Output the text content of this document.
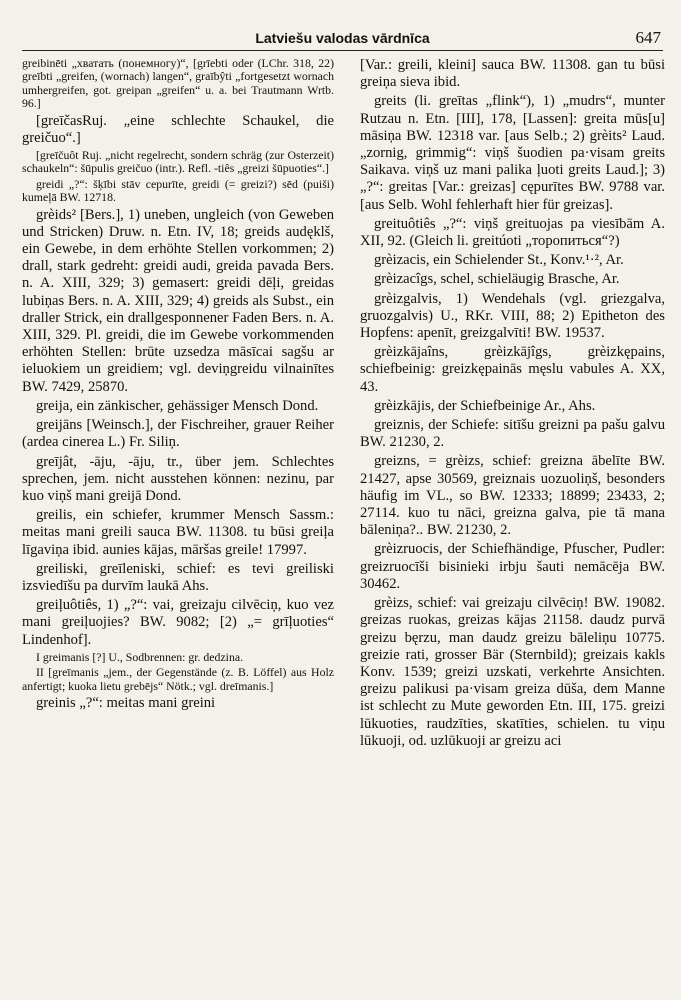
Latviešu valodas vārdnīca	647

greibinēti „хватать (понемногу)“, [grīebti oder (LChr. 318, 22) greībti „greifen, (wornach) langen“, graībŷti „fortgesetzt wornach umhergreifen, got. greipan „greifen“ u. a. bei Trautmann Wrtb. 96.]

[greīčasRuj. „eine schlechte Schaukel, die greičuo“.]

[greīčuôt Ruj. „nicht regelrecht, sondern schräg (zur Osterzeit) schaukeln“: šūpulis greičuo (intr.). Refl. -tiês „greizi šūpuoties“.]

greidi „?“: šķībi stāv cepurīte, greidi (= greizi?) sēd (puiši) kumeļā BW. 12718.

grèids² [Bers.], 1) uneben, ungleich (von Geweben und Stricken) Druw. n. Etn. IV, 18; greids audęklš, ein Gewebe, in dem erhöhte Stellen vorkommen; 2) drall, stark gedreht: greidi audi, greida pavada Bers. n. A. XIII, 329; 3) gemasert: greidi dēļi, greidas lubiņas Bers. n. A. XIII, 329; 4) greids als Subst., ein draller Strick, ein drallgesponnener Faden Bers. n. A. XIII, 329. Pl. greidi, die im Gewebe vorkommenden erhöhten Stellen: brūte uzsedza māsīcai sagšu ar ieluokiem un greidiem; vgl. deviņgreidu vilnainītes BW. 7429, 25870.

greija, ein zänkischer, gehässiger Mensch Dond.

greijāns [Weinsch.], der Fischreiher, grauer Reiher (ardea cinerea L.) Fr. Siliņ.

greījât, -āju, -āju, tr., über jem. Schlechtes sprechen, jem. nicht ausstehen können: nezinu, par kuo viņš mani greijā Dond.

greilis, ein schiefer, krummer Mensch Sassm.: meitas mani greili sauca BW. 11308. tu būsi greiļa līgaviņa ibid. aunies kājas, māršas greile! 17997.

greiliski, greīleniski, schief: es tevi greiliski izsviedīšu pa durvīm laukā Ahs.

greiļuôtiês, 1) „?“: vai, greizaju cilvēciņ, kuo vez mani greiļuojies? BW. 9082; [2) „= grīļuoties“ Lindenhof].

I greimanis [?] U., Sodbrennen: gr. dedzina.

II [greīmanis „jem., der Gegenstände (z. B. Löffel) aus Holz anfertigt; kuoka lietu grebējs“ Nötk.; vgl. dreīmanis.]

greinis „?“: meitas mani greini

[Var.: greili, kleini] sauca BW. 11308. gan tu būsi greiņa sieva ibid.

greits (li. greītas „flink“), 1) „mudrs“, munter Rutzau n. Etn. [III], 178, [Lassen]: greita mūs[u] māsiņa BW. 12318 var. [aus Selb.; 2) grèits² Laud. „zornig, grimmig“: viņš šuodien pa·visam greits Saikava. viņš uz mani palika ļuoti greits Laud.]; 3) „?“: greitas [Var.: greizas] cępurītes BW. 9788 var. [aus Selb. Wohl fehlerhaft hier für greizas].

greituôtiês „?“: viņš greituojas pa viesībām A. XII, 92. (Gleich li. greitúoti „торопиться“?)

grèizacis, ein Schielender St., Konv.¹·², Ar.

grèizacîgs, schel, schieläugig Brasche, Ar.

grèizgalvis, 1) Wendehals (vgl. griezgalva, gruozgalvis) U., RKr. VIII, 88; 2) Epitheton des Hopfens: apenīt, greizgalvīti! BW. 19537.

grèizkājaîns, grèizkājîgs, grèizkępains, schiefbeinig: greizkępainās męslu vabules A. XX, 43.

grèizkājis, der Schiefbeinige Ar., Ahs.

greiznis, der Schiefe: sitīšu greizni pa pašu galvu BW. 21230, 2.

greizns, = grèizs, schief: greizna ābelīte BW. 21427, apse 30569, greiznais uozuoliņš, besonders häufig im VL., so BW. 12333; 18899; 23433, 2; 27114. kuo tu nāci, greizna galva, pie tā mana bāleniņa?.. BW. 21230, 2.

grèizruocis, der Schiefhändige, Pfuscher, Pudler: greizruocīši bisinieki irbju šauti nemācēja BW. 30462.

grèizs, schief: vai greizaju cilvēciņ! BW. 19082. greizas ruokas, greizas kājas 21158. daudz purvā greizu bęrzu, man daudz greizu bāleliņu 10775. greizie rati, grosser Bär (Sternbild); greizais kakls Konv. 1539; greizi uzskati, verkehrte Ansichten. greizu palikusi pa·visam greiza dūša, dem Manne ist schlecht zu Mute geworden Etn. III, 175. greizi lūkuoties, raudzīties, skatīties, schielen. tu viņu lūkuoji, od. uzlūkuoji ar greizu aci
